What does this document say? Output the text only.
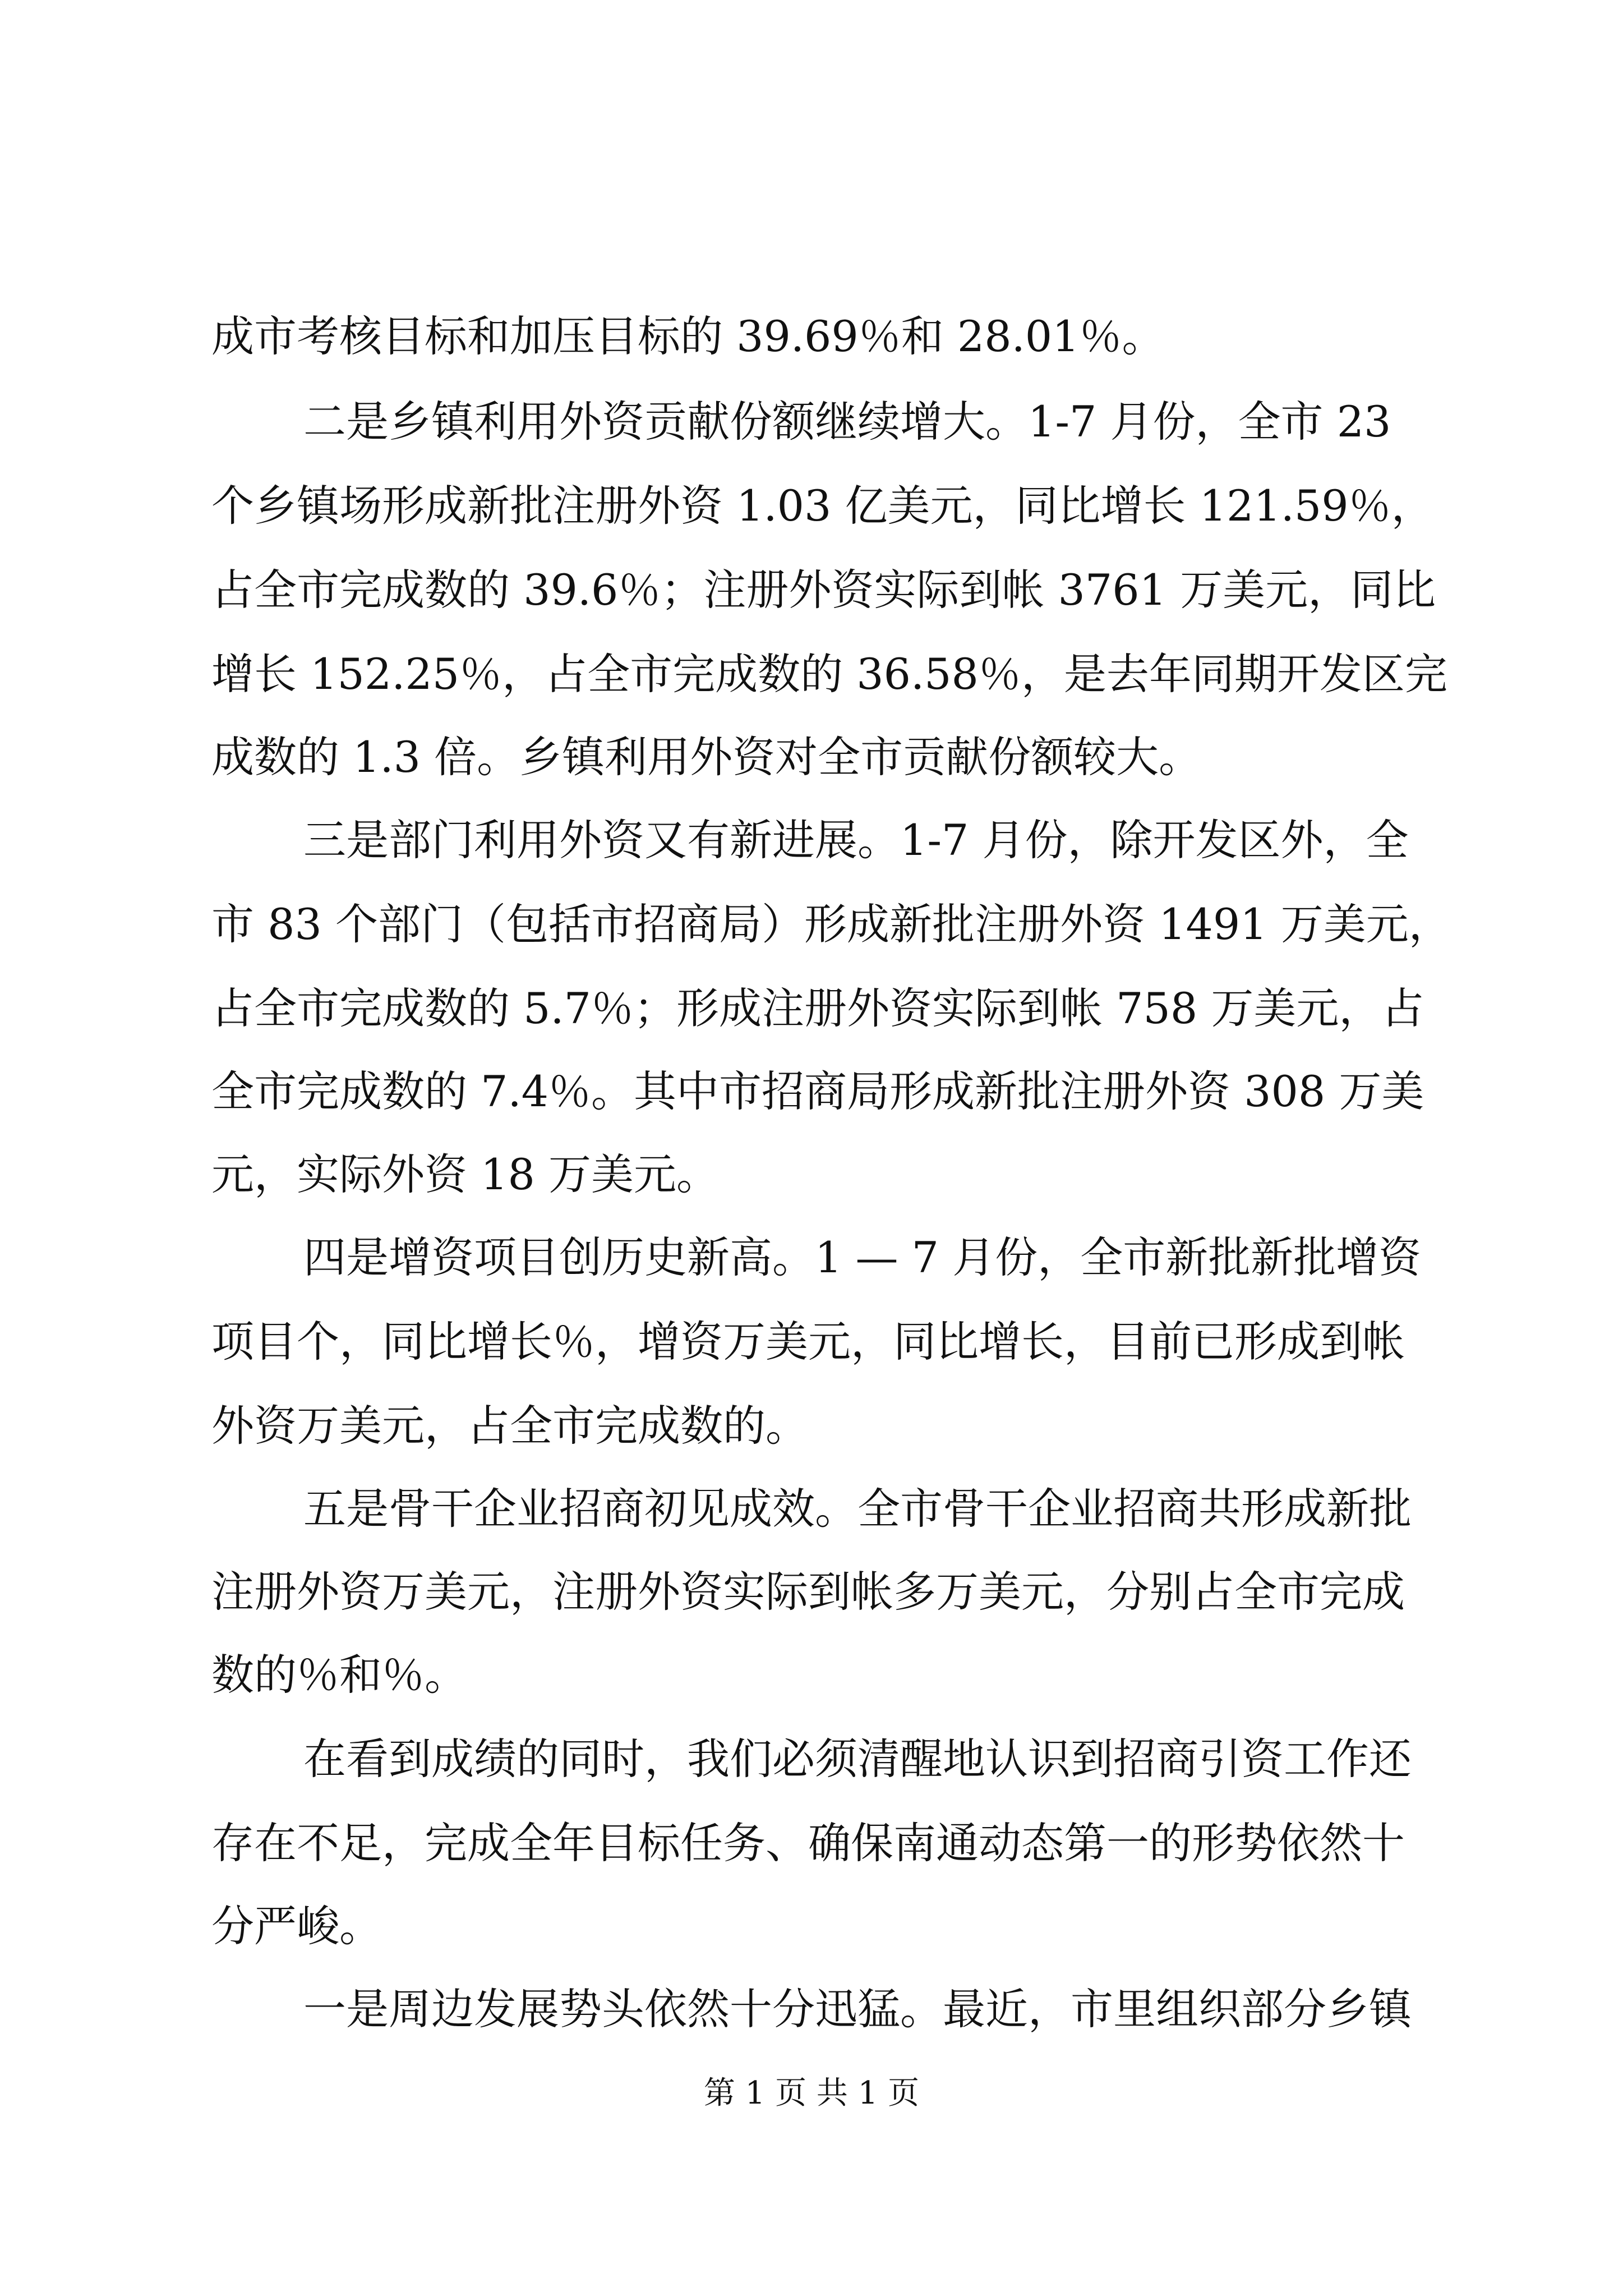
成市考核目标和加压目标的 39.69％和 28.01％。

二是乡镇利用外资贡献份额继续增大。1-7 月份，全市 23

个乡镇场形成新批注册外资 1.03 亿美元，同比增长 121.59％，

占全市完成数的 39.6％；注册外资实际到帐 3761 万美元，同比

增长 152.25％，占全市完成数的 36.58％，是去年同期开发区完

成数的 1.3 倍。乡镇利用外资对全市贡献份额较大。

三是部门利用外资又有新进展。1-7 月份，除开发区外，全

市 83 个部门（包括市招商局）形成新批注册外资 1491 万美元，

占全市完成数的 5.7％；形成注册外资实际到帐 758 万美元，占

全市完成数的 7.4％。其中市招商局形成新批注册外资 308 万美

元，实际外资 18 万美元。

四是增资项目创历史新高。1 — 7 月份，全市新批新批增资

项目个，同比增长％，增资万美元，同比增长，目前已形成到帐

外资万美元，占全市完成数的。

五是骨干企业招商初见成效。全市骨干企业招商共形成新批

注册外资万美元，注册外资实际到帐多万美元，分别占全市完成

数的％和％。

在看到成绩的同时，我们必须清醒地认识到招商引资工作还

存在不足，完成全年目标任务、确保南通动态第一的形势依然十

分严峻。

一是周边发展势头依然十分迅猛。最近，市里组织部分乡镇

第 1 页 共 1 页
